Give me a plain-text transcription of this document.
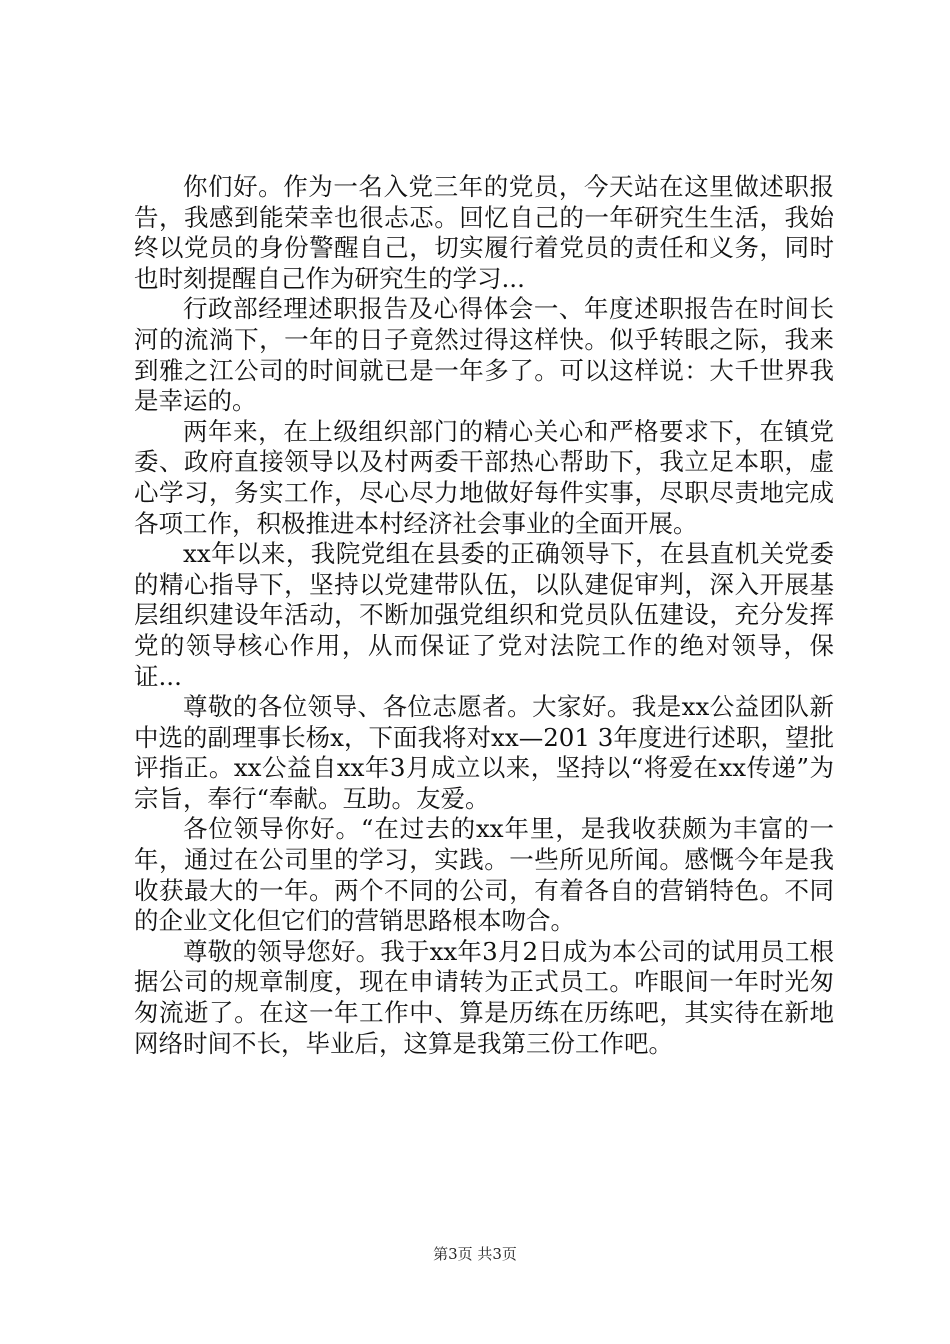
你们好。作为一名入党三年的党员，今天站在这里做述职报告，我感到能荣幸也很忐忑。回忆自己的一年研究生生活，我始终以党员的身份警醒自己，切实履行着党员的责任和义务，同时也时刻提醒自己作为研究生的学习...

行政部经理述职报告及心得体会一、年度述职报告在时间长河的流淌下，一年的日子竟然过得这样快。似乎转眼之际，我来到雅之江公司的时间就已是一年多了。可以这样说：大千世界我是幸运的。

两年来，在上级组织部门的精心关心和严格要求下，在镇党委、政府直接领导以及村两委干部热心帮助下，我立足本职，虚心学习，务实工作，尽心尽力地做好每件实事，尽职尽责地完成各项工作，积极推进本村经济社会事业的全面开展。

xx年以来，我院党组在县委的正确领导下，在县直机关党委的精心指导下，坚持以党建带队伍，以队建促审判，深入开展基层组织建设年活动，不断加强党组织和党员队伍建设，充分发挥党的领导核心作用，从而保证了党对法院工作的绝对领导，保证...

尊敬的各位领导、各位志愿者。大家好。我是xx公益团队新中选的副理事长杨x，下面我将对xx—201 3年度进行述职，望批评指正。xx公益自xx年3月成立以来，坚持以“将爱在xx传递”为宗旨，奉行“奉献。互助。友爱。

各位领导你好。“在过去的xx年里，是我收获颇为丰富的一年，通过在公司里的学习，实践。一些所见所闻。感慨今年是我收获最大的一年。两个不同的公司，有着各自的营销特色。不同的企业文化但它们的营销思路根本吻合。

尊敬的领导您好。我于xx年3月2日成为本公司的试用员工根据公司的规章制度，现在申请转为正式员工。咋眼间一年时光匆匆流逝了。在这一年工作中、算是历练在历练吧，其实待在新地网络时间不长，毕业后，这算是我第三份工作吧。

第3页 共3页
